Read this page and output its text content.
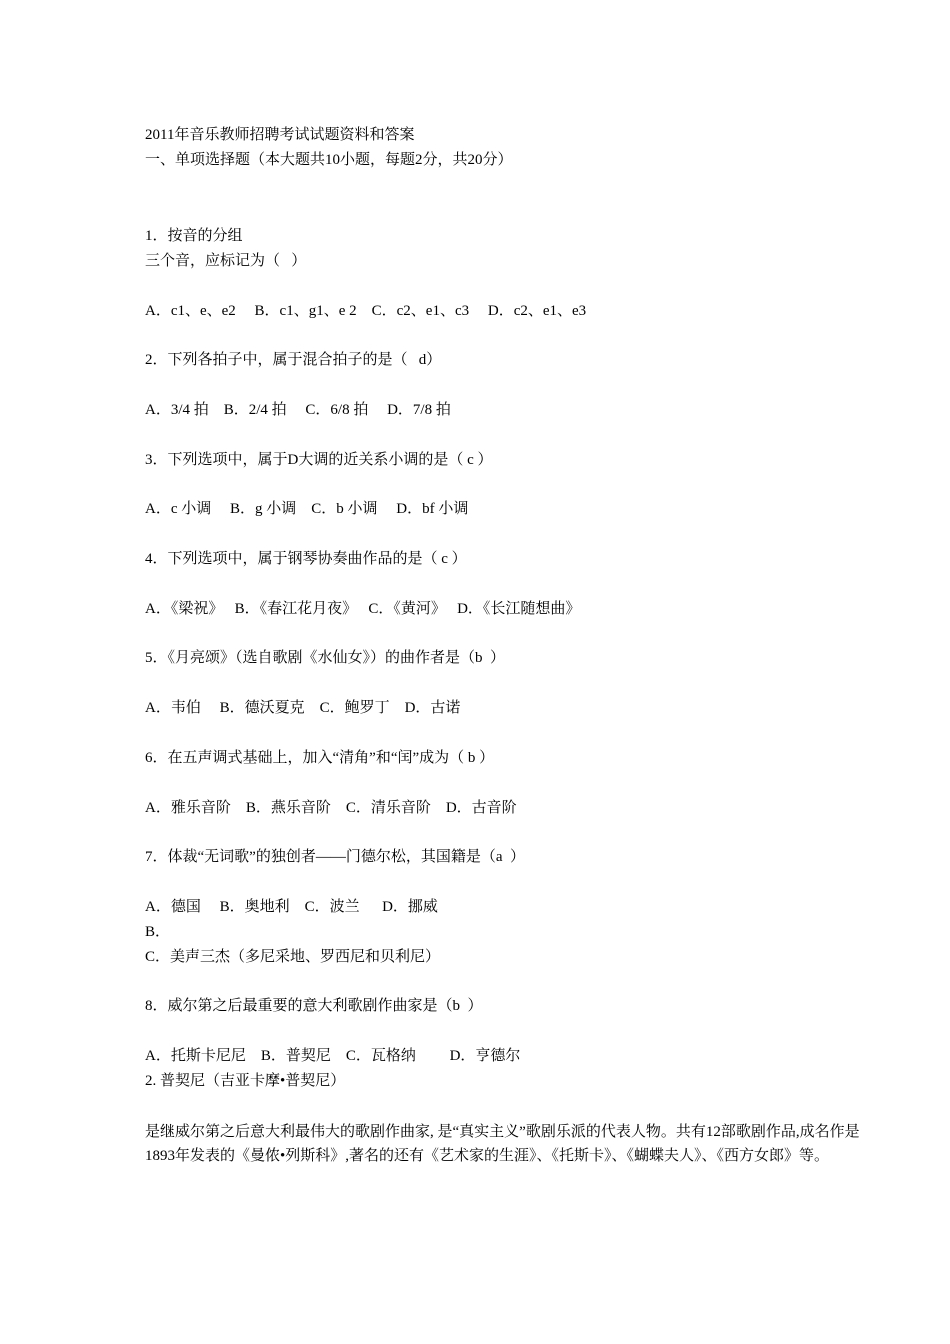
2011年音乐教师招聘考试试题资料和答案
一、单项选择题（本大题共10小题，每题2分，共20分）
1．按音的分组
三个音，应标记为（   ）
A．c1、e、e2     B．c1、g1、e 2    C．c2、e1、c3     D．c2、e1、e3
2．下列各拍子中，属于混合拍子的是（   d）
A．3/4 拍    B．2/4 拍     C．6/8 拍     D．7/8 拍
3．下列选项中，属于D大调的近关系小调的是（ c ）
A．c 小调     B．g 小调    C．b 小调     D．bf 小调
4．下列选项中，属于钢琴协奏曲作品的是（ c ）
A．《梁祝》   B．《春江花月夜》   C．《黄河》   D．《长江随想曲》
5．《月亮颂》（选自歌剧《水仙女》）的曲作者是（b  ）
A．韦伯     B．德沃夏克    C．鲍罗丁    D．古诺
6．在五声调式基础上，加入“清角”和“闰”成为（ b ）
A．雅乐音阶    B．燕乐音阶    C．清乐音阶    D．古音阶
7．体裁“无词歌”的独创者——门德尔松，其国籍是（a  ）
A．德国     B．奥地利    C．波兰      D．挪威
B．
C．美声三杰（多尼采地、罗西尼和贝利尼）
8．威尔第之后最重要的意大利歌剧作曲家是（b  ）
A．托斯卡尼尼    B．普契尼    C．瓦格纳         D．亨德尔
2. 普契尼（吉亚卡摩•普契尼）
是继威尔第之后意大利最伟大的歌剧作曲家, 是“真实主义”歌剧乐派的代表人物。共有12部歌剧作品,成名作是1893年发表的《曼侬•列斯科》,著名的还有《艺术家的生涯》、《托斯卡》、《蝴蝶夫人》、《西方女郎》等。
